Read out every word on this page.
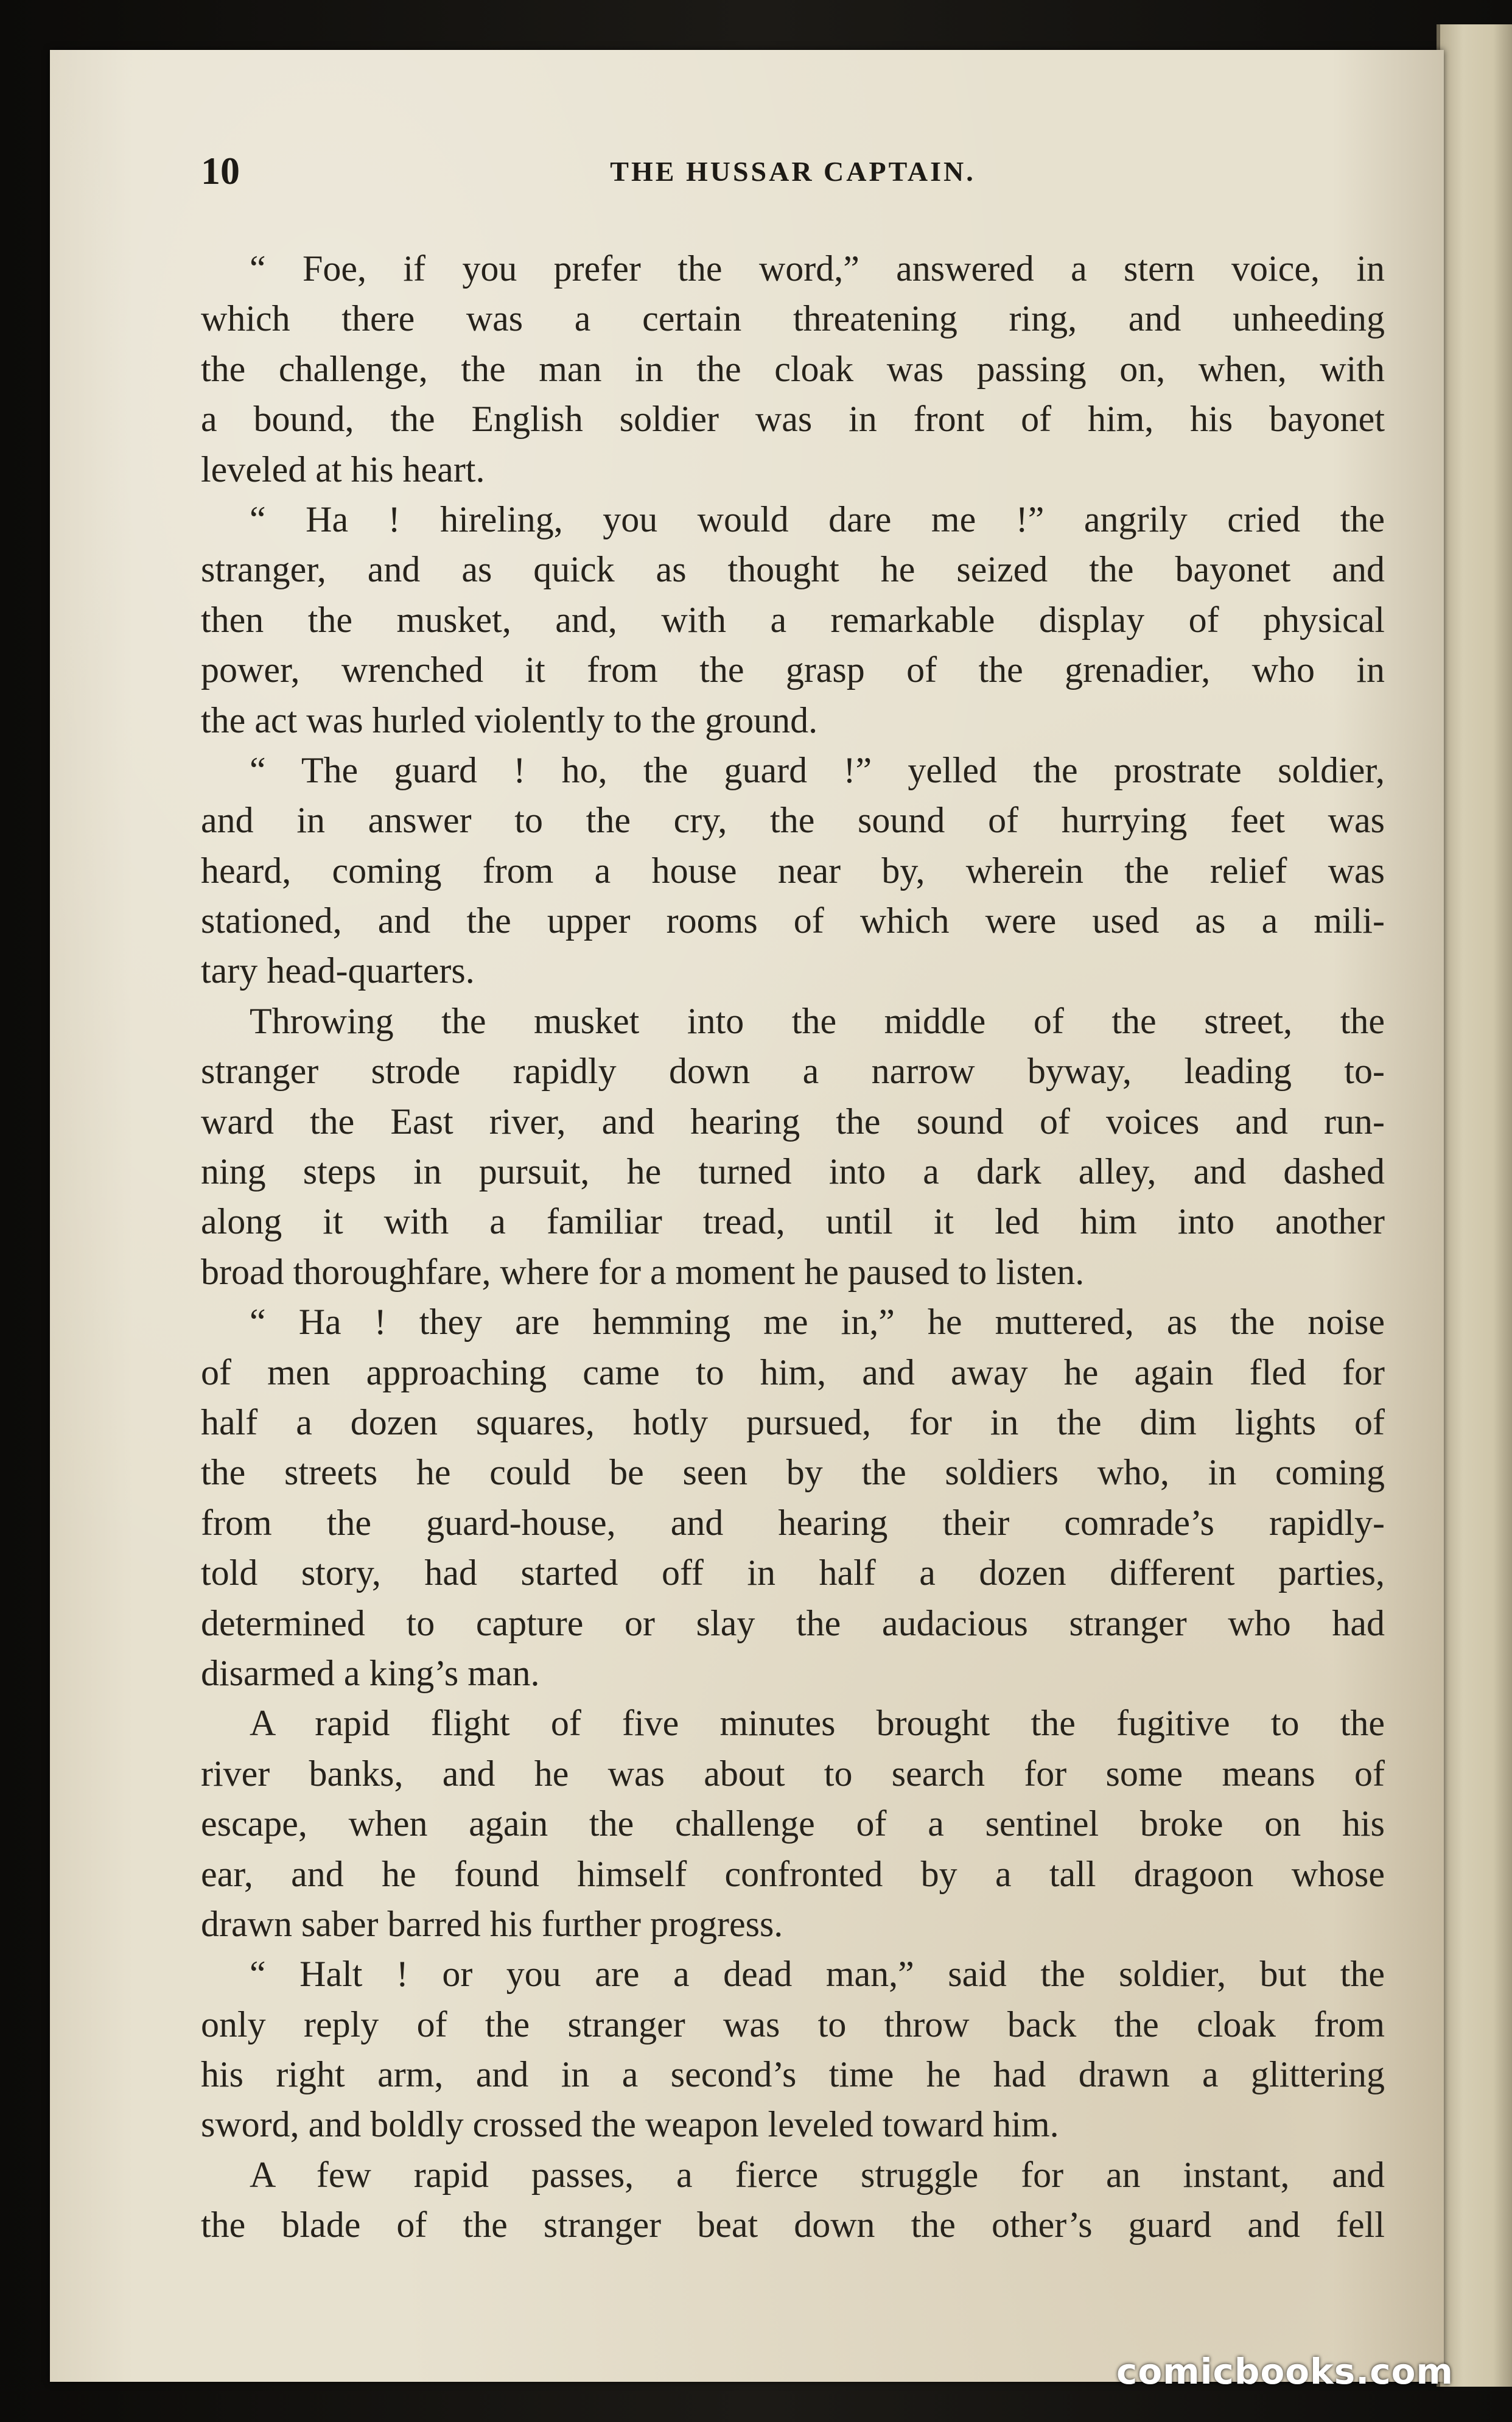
10	THE HUSSAR CAPTAIN.
“ Foe, if you prefer the word,” answered a stern voice, in
which there was a certain threatening ring, and unheeding
the challenge, the man in the cloak was passing on, when, with
a bound, the English soldier was in front of him, his bayonet
leveled at his heart.
“ Ha ! hireling, you would dare me !” angrily cried the
stranger, and as quick as thought he seized the bayonet and
then the musket, and, with a remarkable display of physical
power, wrenched it from the grasp of the grenadier, who in
the act was hurled violently to the ground.
“ The guard ! ho, the guard !” yelled the prostrate soldier,
and in answer to the cry, the sound of hurrying feet was
heard, coming from a house near by, wherein the relief was
stationed, and the upper rooms of which were used as a mili-
tary head-quarters.
Throwing the musket into the middle of the street, the
stranger strode rapidly down a narrow byway, leading to-
ward the East river, and hearing the sound of voices and run-
ning steps in pursuit, he turned into a dark alley, and dashed
along it with a familiar tread, until it led him into another
broad thoroughfare, where for a moment he paused to listen.
“ Ha ! they are hemming me in,” he muttered, as the noise
of men approaching came to him, and away he again fled for
half a dozen squares, hotly pursued, for in the dim lights of
the streets he could be seen by the soldiers who, in coming
from the guard-house, and hearing their comrade’s rapidly-
told story, had started off in half a dozen different parties,
determined to capture or slay the audacious stranger who had
disarmed a king’s man.
A rapid flight of five minutes brought the fugitive to the
river banks, and he was about to search for some means of
escape, when again the challenge of a sentinel broke on his
ear, and he found himself confronted by a tall dragoon whose
drawn saber barred his further progress.
“ Halt ! or you are a dead man,” said the soldier, but the
only reply of the stranger was to throw back the cloak from
his right arm, and in a second’s time he had drawn a glittering
sword, and boldly crossed the weapon leveled toward him.
A few rapid passes, a fierce struggle for an instant, and
the blade of the stranger beat down the other’s guard and fell
comicbooks.com
